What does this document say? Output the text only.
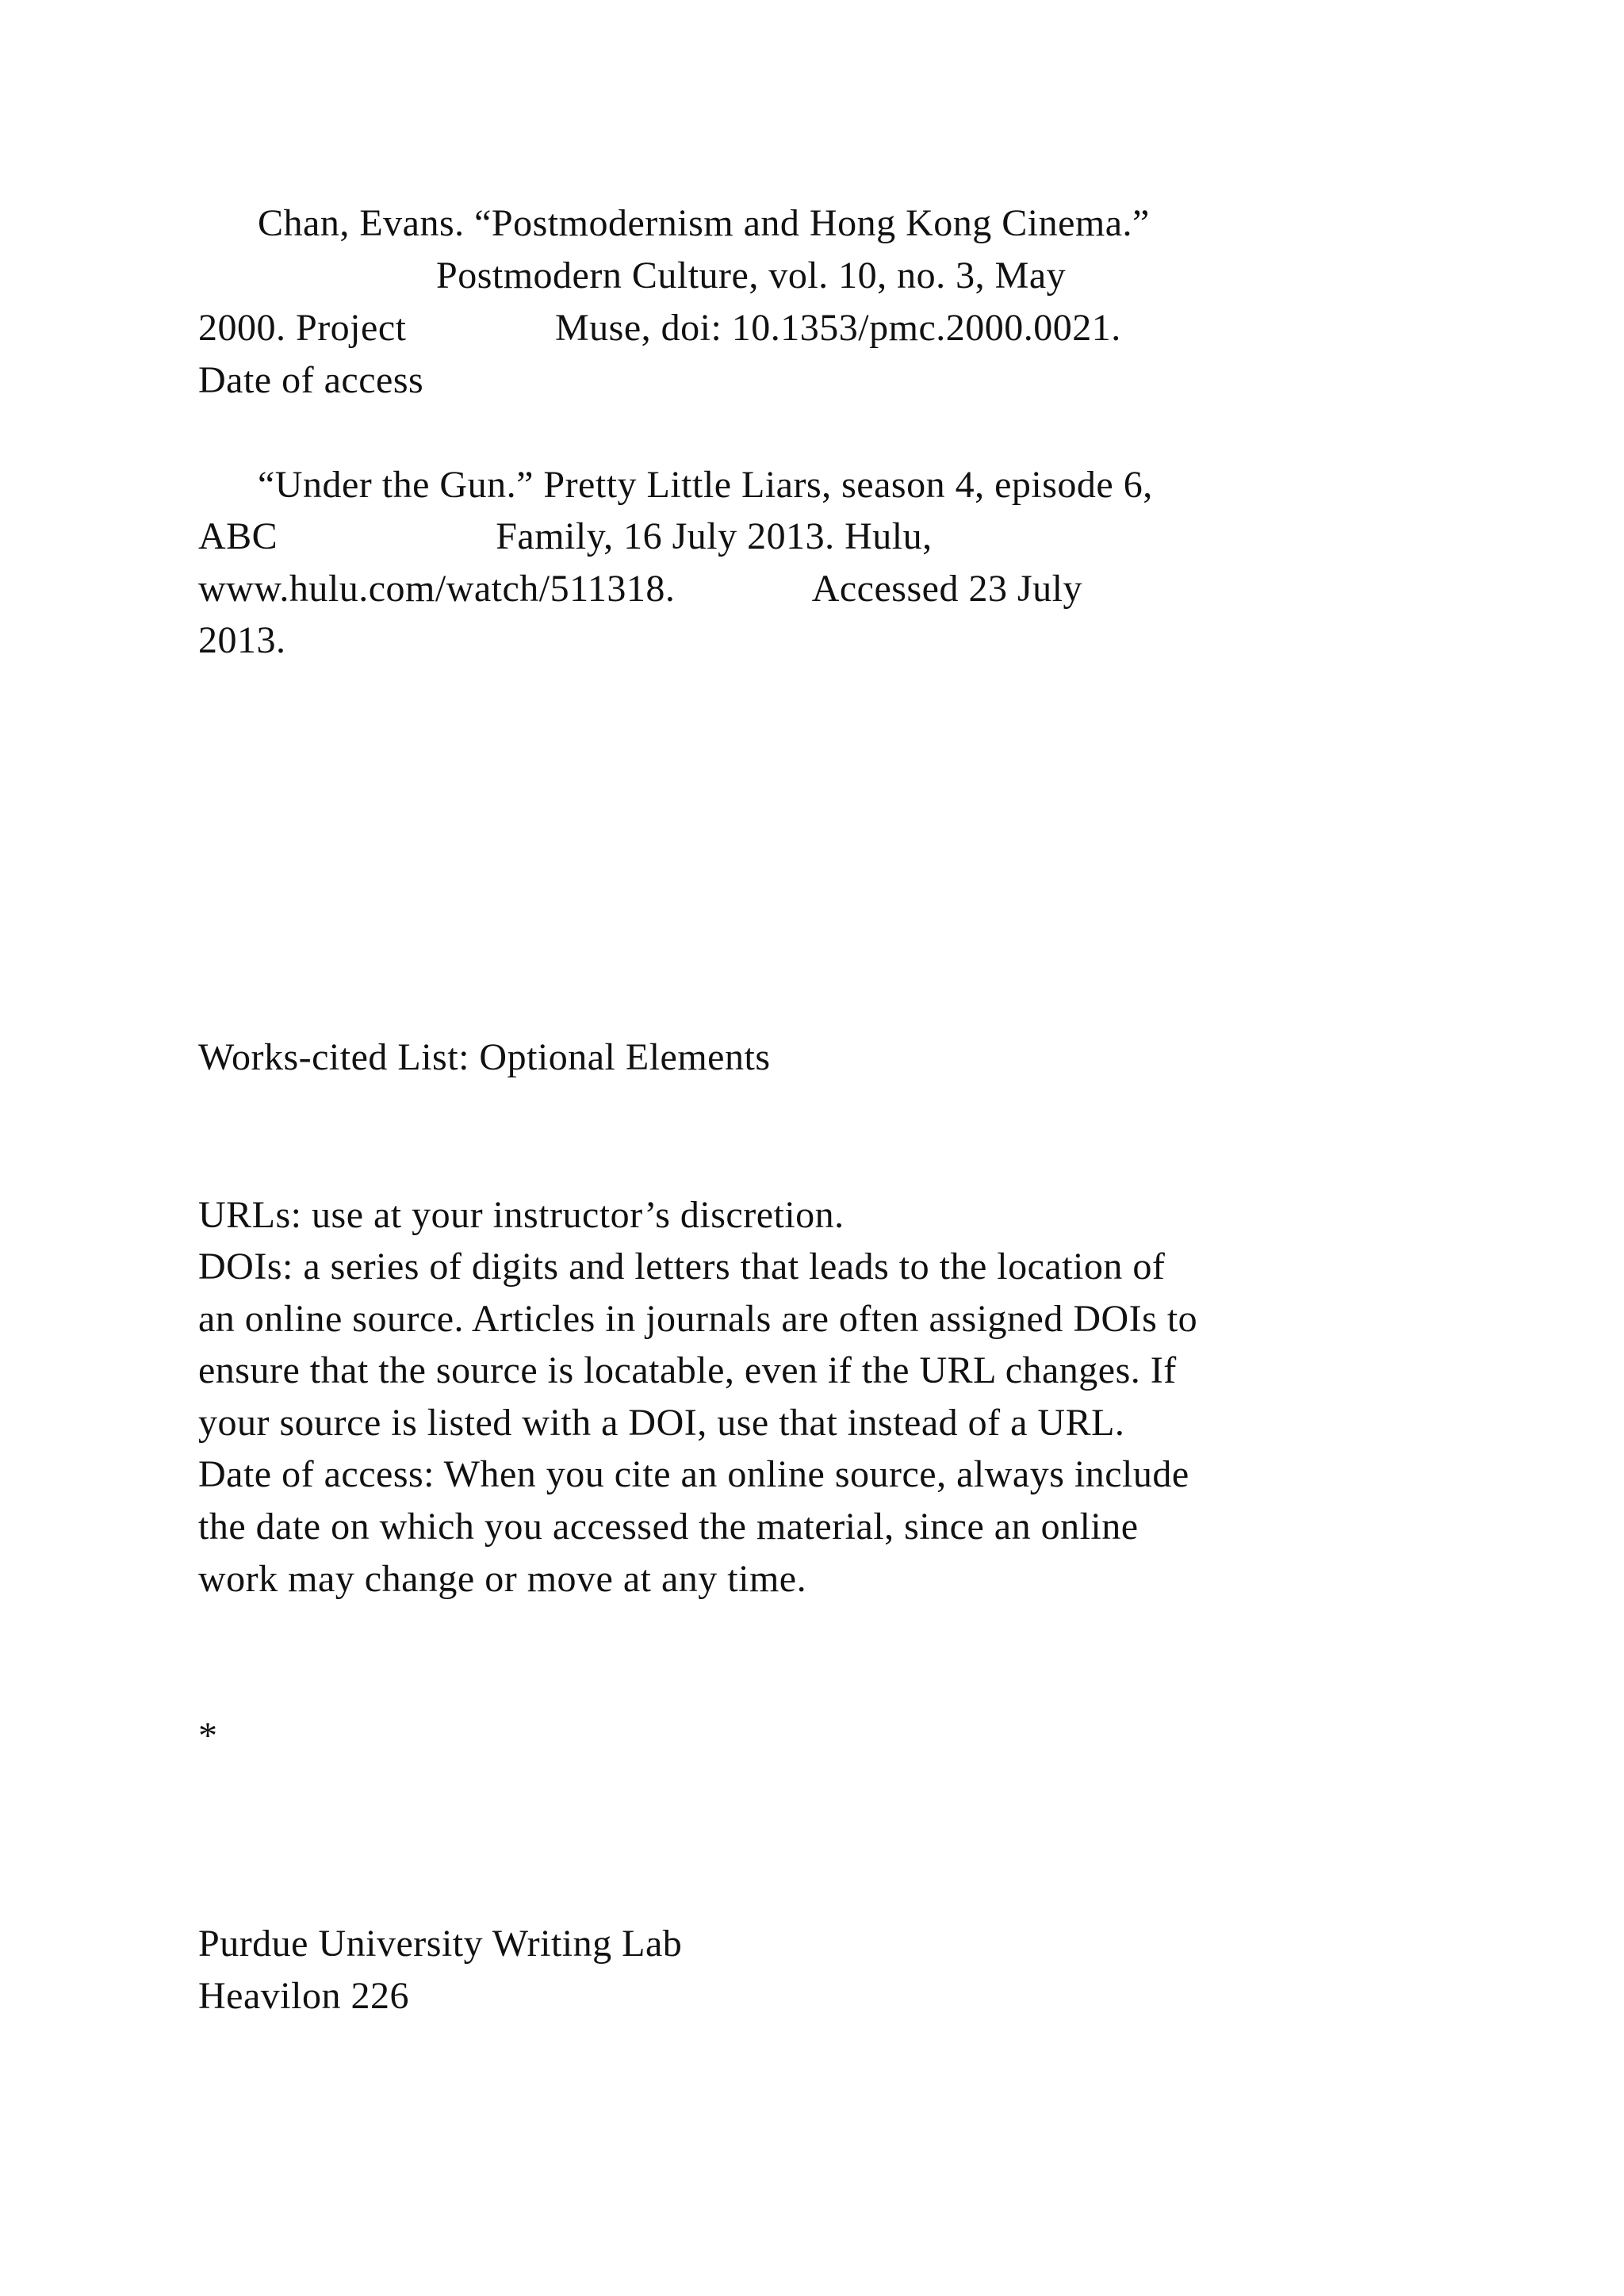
Chan, Evans. “Postmodernism and Hong Kong Cinema.”

Postmodern Culture, vol. 10, no. 3, May

2000. Project               Muse, doi: 10.1353/pmc.2000.0021.

Date of access

“Under the Gun.” Pretty Little Liars, season 4, episode 6,

ABC                      Family, 16 July 2013. Hulu,

www.hulu.com/watch/511318.              Accessed 23 July

2013.

Works-cited List: Optional Elements

URLs: use at your instructor’s discretion.

DOIs: a series of digits and letters that leads to the location of

an online source. Articles in journals are often assigned DOIs to

ensure that the source is locatable, even if the URL changes. If

your source is listed with a DOI, use that instead of a URL.

Date of access: When you cite an online source, always include

the date on which you accessed the material, since an online

work may change or move at any time.

*

Purdue University Writing Lab

Heavilon 226
